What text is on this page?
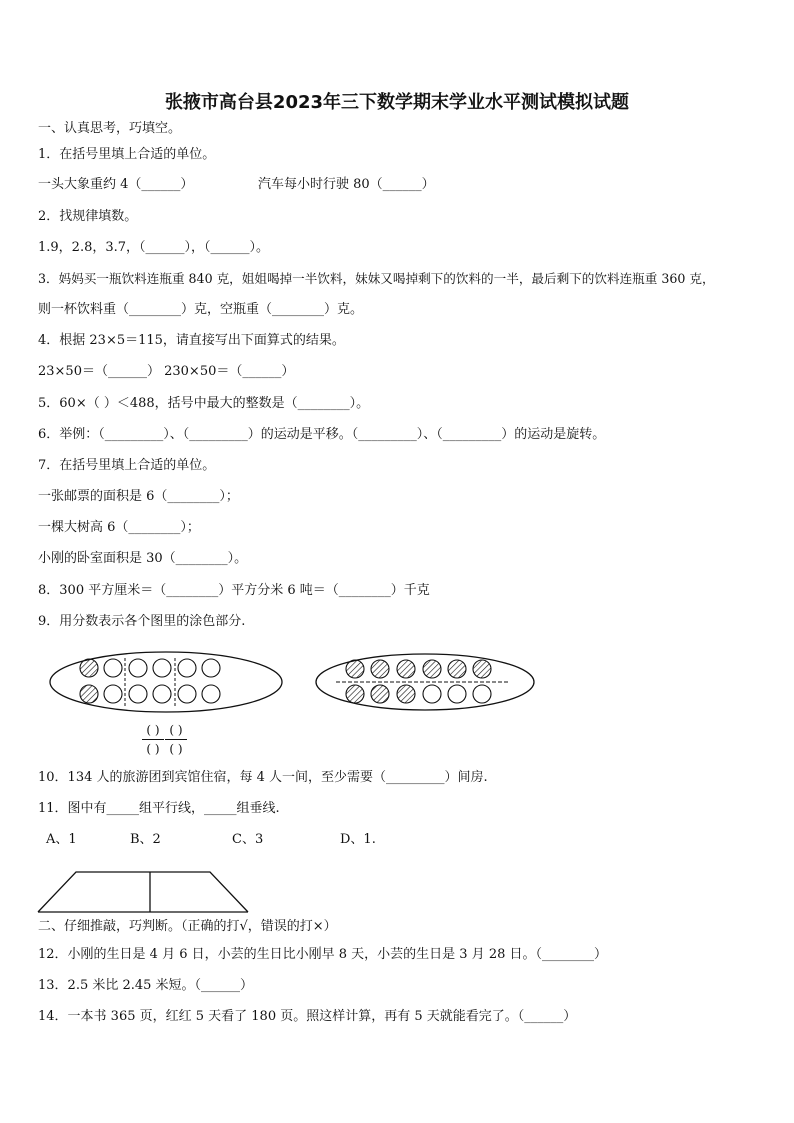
张掖市高台县2023年三下数学期末学业水平测试模拟试题
一、认真思考，巧填空。
1．在括号里填上合适的单位。
一头大象重约 4（______）	汽车每小时行驶 80（______）
2．找规律填数。
1.9，2.8，3.7，（______），（______）。
3．妈妈买一瓶饮料连瓶重 840 克，姐姐喝掉一半饮料，妹妹又喝掉剩下的饮料的一半，最后剩下的饮料连瓶重 360 克，
则一杯饮料重（________）克，空瓶重（________）克。
4．根据 23×5＝115，请直接写出下面算式的结果。
23×50＝（______） 230×50＝（______）
5．60×（ ）＜488，括号中最大的整数是（________）。
6．举例：（_________）、（_________）的运动是平移。（_________）、（_________）的运动是旋转。
7．在括号里填上合适的单位。
一张邮票的面积是 6（________）；
一棵大树高 6（________）；
小刚的卧室面积是 30（________）。
8．300 平方厘米＝（________）平方分米 6 吨＝（________）千克
9．用分数表示各个图里的涂色部分.
( )
( )
( )
( )
10．134 人的旅游团到宾馆住宿，每 4 人一间，至少需要（_________）间房.
11．图中有_____组平行线，_____组垂线.
A、1	B、2	C、3	D、1.
二、仔细推敲，巧判断。（正确的打√，错误的打×）
12．小刚的生日是 4 月 6 日，小芸的生日比小刚早 8 天，小芸的生日是 3 月 28 日。（________）
13．2.5 米比 2.45 米短。（______）
14．一本书 365 页，红红 5 天看了 180 页。照这样计算，再有 5 天就能看完了。（______）
